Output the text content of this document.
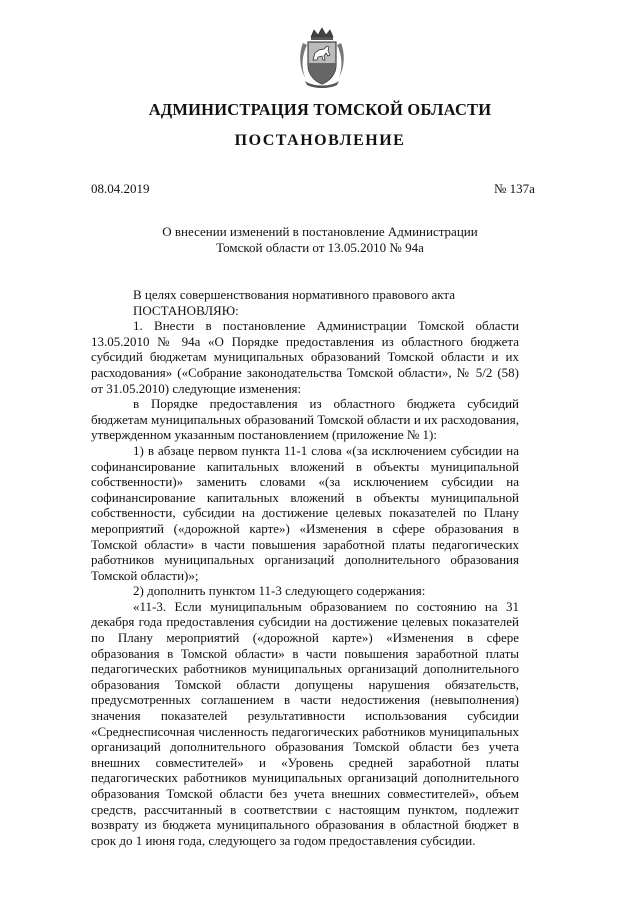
АДМИНИСТРАЦИЯ ТОМСКОЙ ОБЛАСТИ
ПОСТАНОВЛЕНИЕ
08.04.2019	№ 137а
О внесении изменений в постановление Администрации
Томской области от 13.05.2010 № 94а

В целях совершенствования нормативного правового акта

ПОСТАНОВЛЯЮ:

1. Внести в постановление Администрации Томской области 13.05.2010 № 94а «О Порядке предоставления из областного бюджета субсидий бюджетам муниципальных образований Томской области и их расходования» («Собрание законодательства Томской области», № 5/2 (58) от 31.05.2010) следующие изменения:

в Порядке предоставления из областного бюджета субсидий бюджетам муниципальных образований Томской области и их расходования, утвержденном указанным постановлением (приложение № 1):

1) в абзаце первом пункта 11-1 слова «(за исключением субсидии на софинансирование капитальных вложений в объекты муниципальной собственности)» заменить словами «(за исключением субсидии на софинансирование капитальных вложений в объекты муниципальной собственности, субсидии на достижение целевых показателей по Плану мероприятий («дорожной карте») «Изменения в сфере образования в Томской области» в части повышения заработной платы педагогических работников муниципальных организаций дополнительного образования Томской области)»;

2) дополнить пунктом 11-3 следующего содержания:

«11-3. Если муниципальным образованием по состоянию на 31 декабря года предоставления субсидии на достижение целевых показателей по Плану мероприятий («дорожной карте») «Изменения в сфере образования в Томской области» в части повышения заработной платы педагогических работников муниципальных организаций дополнительного образования Томской области допущены нарушения обязательств, предусмотренных соглашением в части недостижения (невыполнения) значения показателей результативности использования субсидии «Среднесписочная численность педагогических работников муниципальных организаций дополнительного образования Томской области без учета внешних совместителей» и «Уровень средней заработной платы педагогических работников муниципальных организаций дополнительного образования Томской области без учета внешних совместителей», объем средств, рассчитанный в соответствии с настоящим пунктом, подлежит возврату из бюджета муниципального образования в областной бюджет в срок до 1 июня года, следующего за годом предоставления субсидии.
